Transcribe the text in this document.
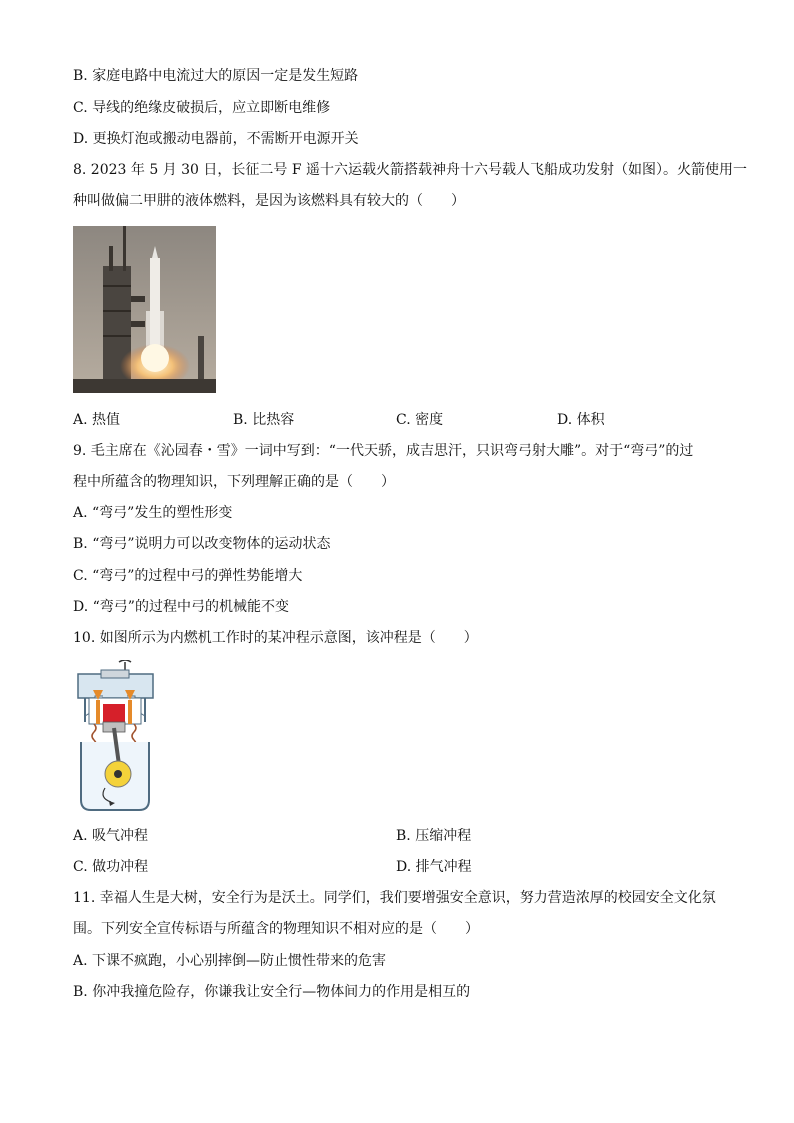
B. 家庭电路中电流过大的原因一定是发生短路
C. 导线的绝缘皮破损后，应立即断电维修
D. 更换灯泡或搬动电器前，不需断开电源开关
8. 2023 年 5 月 30 日，长征二号 F 遥十六运载火箭搭载神舟十六号载人飞船成功发射（如图）。火箭使用一
种叫做偏二甲肼的液体燃料，是因为该燃料具有较大的（　　）
A. 热值	B. 比热容	C. 密度	D. 体积
9. 毛主席在《沁园春・雪》一词中写到：“一代天骄，成吉思汗，只识弯弓射大雕”。对于“弯弓”的过
程中所蕴含的物理知识，下列理解正确的是（　　）
A. “弯弓”发生的塑性形变
B. “弯弓”说明力可以改变物体的运动状态
C. “弯弓”的过程中弓的弹性势能增大
D. “弯弓”的过程中弓的机械能不变
10. 如图所示为内燃机工作时的某冲程示意图，该冲程是（　　）
A. 吸气冲程	B. 压缩冲程
C. 做功冲程	D. 排气冲程
11. 幸福人生是大树，安全行为是沃土。同学们，我们要增强安全意识，努力营造浓厚的校园安全文化氛
围。下列安全宣传标语与所蕴含的物理知识不相对应的是（　　）
A. 下课不疯跑，小心别摔倒—防止惯性带来的危害
B. 你冲我撞危险存，你谦我让安全行—物体间力的作用是相互的
